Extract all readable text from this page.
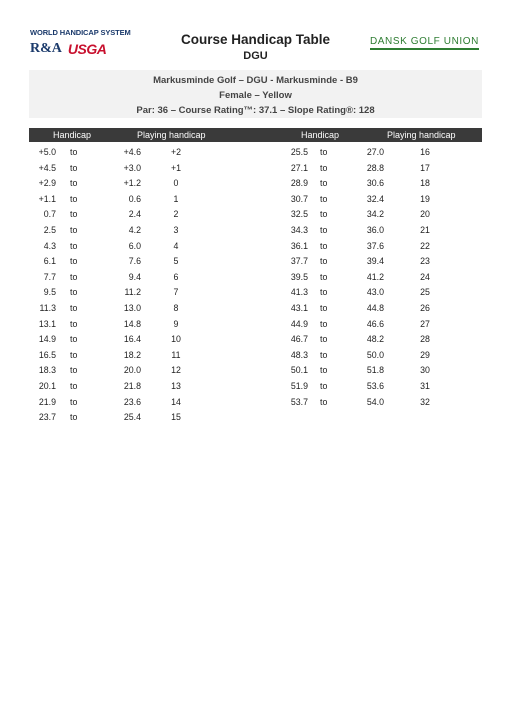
WORLD HANDICAP SYSTEM
R&A USGA
Course Handicap Table
DGU
DANSK GOLF UNION
Markusminde Golf – DGU - Markusminde - B9
Female – Yellow
Par: 36 – Course Rating™: 37.1 – Slope Rating®: 128
Handicap	Playing handicap	Handicap	Playing handicap
+5.0 to	+4.6	+2
+4.5 to	+3.0	+1
+2.9 to	+1.2	0
+1.1 to	0.6	1
0.7 to	2.4	2
2.5 to	4.2	3
4.3 to	6.0	4
6.1 to	7.6	5
7.7 to	9.4	6
9.5 to	11.2	7
11.3 to	13.0	8
13.1 to	14.8	9
14.9 to	16.4	10
16.5 to	18.2	11
18.3 to	20.0	12
20.1 to	21.8	13
21.9 to	23.6	14
23.7 to	25.4	15
25.5 to	27.0	16
27.1 to	28.8	17
28.9 to	30.6	18
30.7 to	32.4	19
32.5 to	34.2	20
34.3 to	36.0	21
36.1 to	37.6	22
37.7 to	39.4	23
39.5 to	41.2	24
41.3 to	43.0	25
43.1 to	44.8	26
44.9 to	46.6	27
46.7 to	48.2	28
48.3 to	50.0	29
50.1 to	51.8	30
51.9 to	53.6	31
53.7 to	54.0	32
